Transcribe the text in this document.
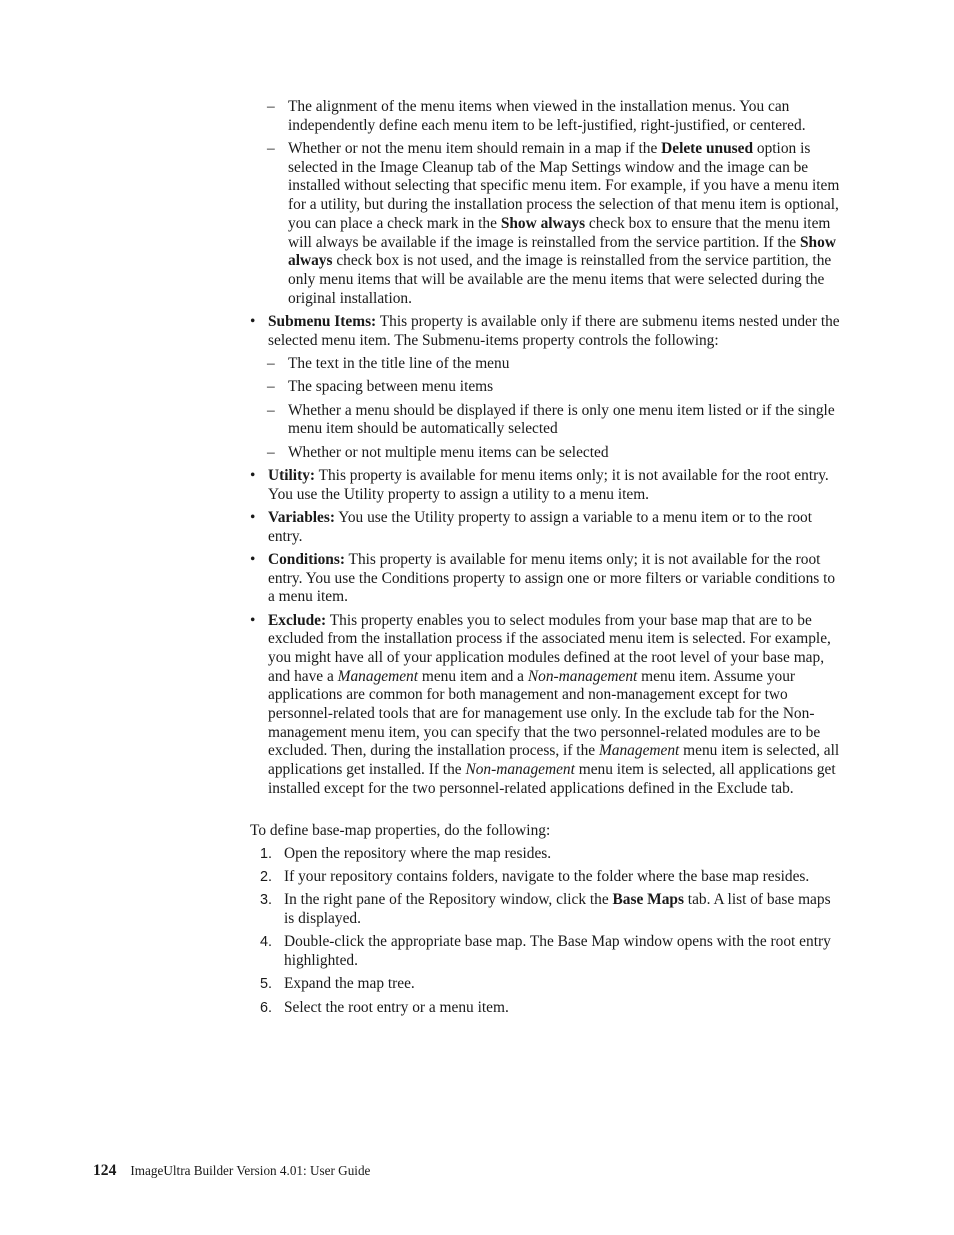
– The alignment of the menu items when viewed in the installation menus. You can independently define each menu item to be left-justified, right-justified, or centered.

– Whether or not the menu item should remain in a map if the Delete unused option is selected in the Image Cleanup tab of the Map Settings window and the image can be installed without selecting that specific menu item. For example, if you have a menu item for a utility, but during the installation process the selection of that menu item is optional, you can place a check mark in the Show always check box to ensure that the menu item will always be available if the image is reinstalled from the service partition. If the Show always check box is not used, and the image is reinstalled from the service partition, the only menu items that will be available are the menu items that were selected during the original installation.

• Submenu Items: This property is available only if there are submenu items nested under the selected menu item. The Submenu-items property controls the following:

– The text in the title line of the menu

– The spacing between menu items

– Whether a menu should be displayed if there is only one menu item listed or if the single menu item should be automatically selected

– Whether or not multiple menu items can be selected

• Utility: This property is available for menu items only; it is not available for the root entry. You use the Utility property to assign a utility to a menu item.

• Variables: You use the Utility property to assign a variable to a menu item or to the root entry.

• Conditions: This property is available for menu items only; it is not available for the root entry. You use the Conditions property to assign one or more filters or variable conditions to a menu item.

• Exclude: This property enables you to select modules from your base map that are to be excluded from the installation process if the associated menu item is selected. For example, you might have all of your application modules defined at the root level of your base map, and have a Management menu item and a Non-management menu item. Assume your applications are common for both management and non-management except for two personnel-related tools that are for management use only. In the exclude tab for the Non-management menu item, you can specify that the two personnel-related modules are to be excluded. Then, during the installation process, if the Management menu item is selected, all applications get installed. If the Non-management menu item is selected, all applications get installed except for the two personnel-related applications defined in the Exclude tab.

To define base-map properties, do the following:

1. Open the repository where the map resides.

2. If your repository contains folders, navigate to the folder where the base map resides.

3. In the right pane of the Repository window, click the Base Maps tab. A list of base maps is displayed.

4. Double-click the appropriate base map. The Base Map window opens with the root entry highlighted.

5. Expand the map tree.

6. Select the root entry or a menu item.

124 ImageUltra Builder Version 4.01: User Guide
